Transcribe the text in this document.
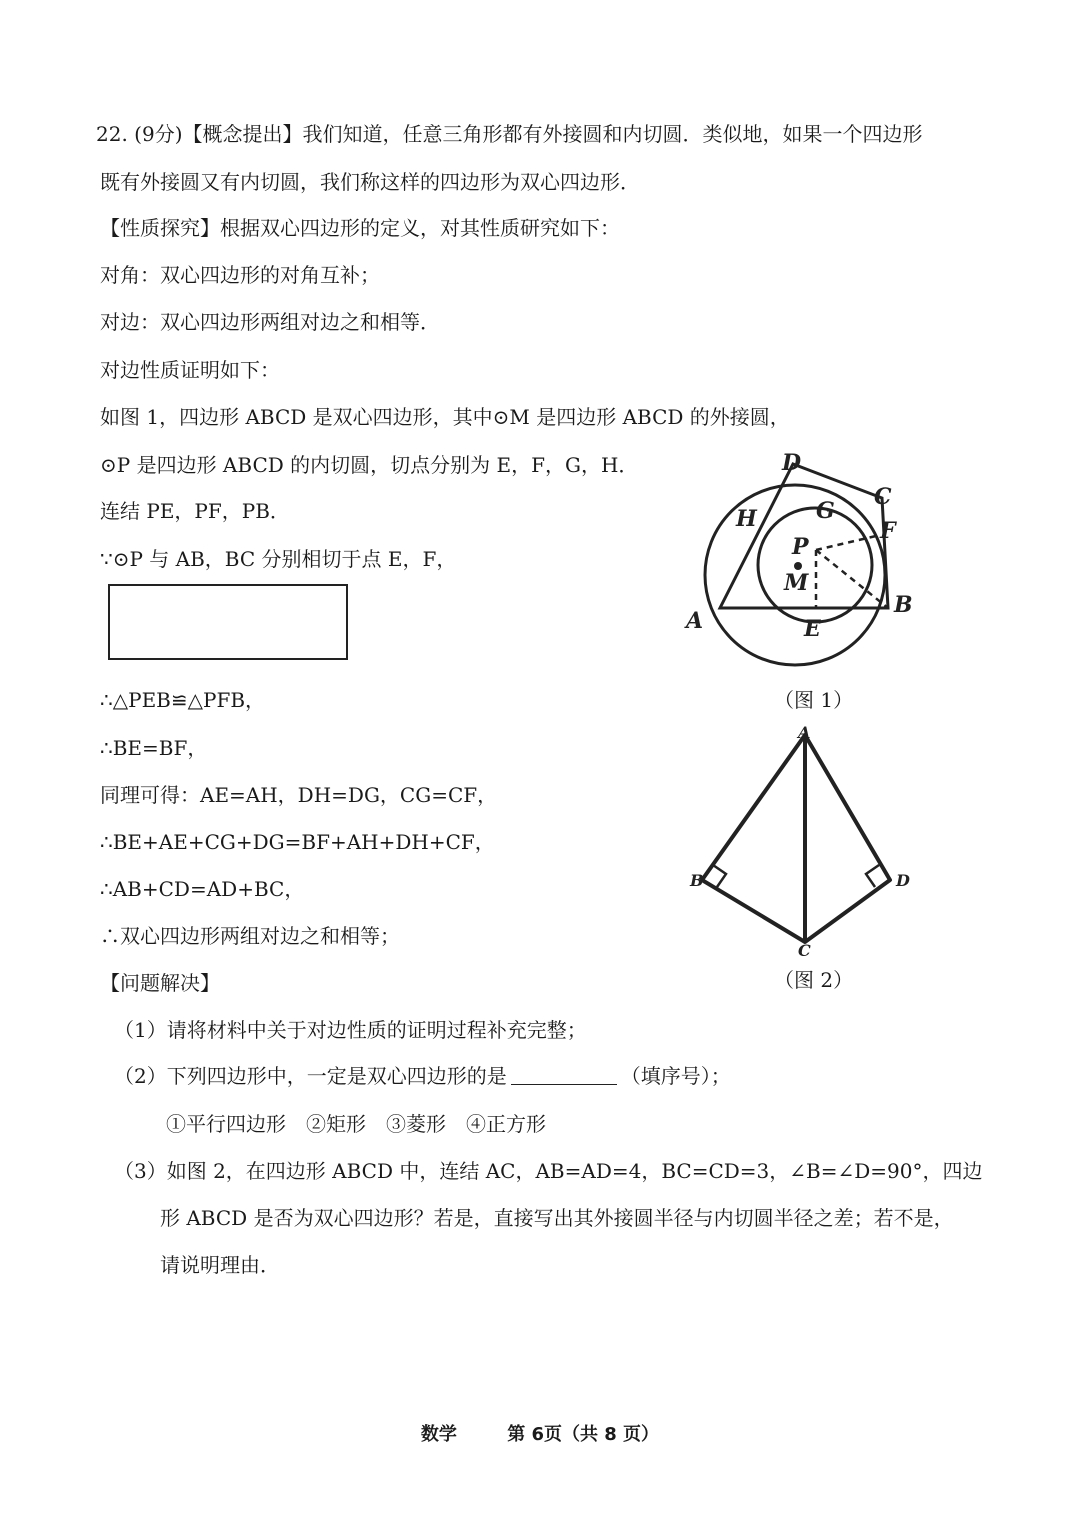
22. (9分)【概念提出】我们知道，任意三角形都有外接圆和内切圆．类似地，如果一个四边形
既有外接圆又有内切圆，我们称这样的四边形为双心四边形．
【性质探究】根据双心四边形的定义，对其性质研究如下：
对角：双心四边形的对角互补；
对边：双心四边形两组对边之和相等．
对边性质证明如下：
如图 1，四边形 ABCD 是双心四边形，其中⊙M 是四边形 ABCD 的外接圆，
⊙P 是四边形 ABCD 的内切圆，切点分别为 E，F，G，H．
连结 PE，PF，PB．
∵⊙P 与 AB，BC 分别相切于点 E，F，
∴△PEB≌△PFB，
∴BE=BF，
同理可得：AE=AH，DH=DG，CG=CF，
∴BE+AE+CG+DG=BF+AH+DH+CF，
∴AB+CD=AD+BC，
∴双心四边形两组对边之和相等；
【问题解决】
（1）请将材料中关于对边性质的证明过程补充完整；
（2）下列四边形中，一定是双心四边形的是	（填序号）；
①平行四边形　②矩形　③菱形　④正方形
（3）如图 2，在四边形 ABCD 中，连结 AC，AB=AD=4，BC=CD=3，∠B=∠D=90°，四边
形 ABCD 是否为双心四边形？若是，直接写出其外接圆半径与内切圆半径之差；若不是，
请说明理由．
A
B
C
D
E
F
G
H
P
M
（图 1）
A
B
C
D
（图 2）
数学	第 6页（共 8 页）
